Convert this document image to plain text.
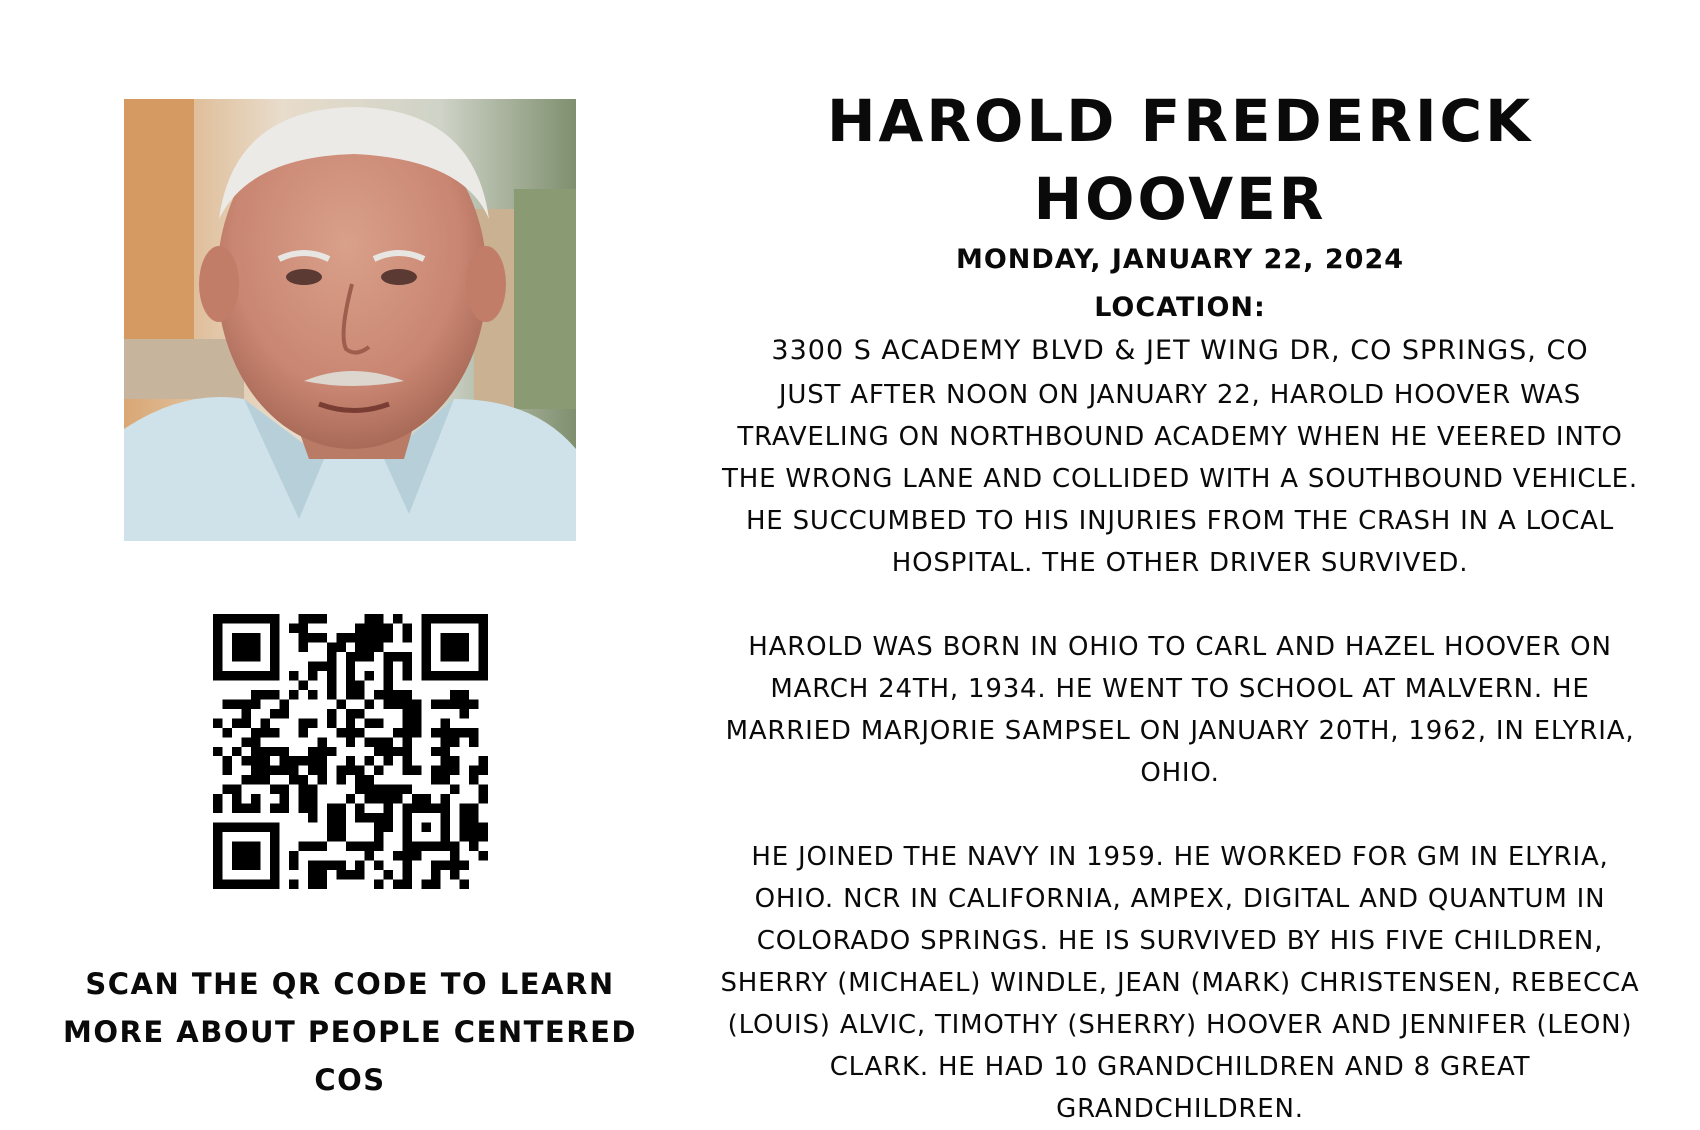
SCAN THE QR CODE TO LEARN MORE ABOUT PEOPLE CENTERED COS

HAROLD FREDERICK HOOVER
MONDAY, JANUARY 22, 2024
LOCATION:
3300 S ACADEMY BLVD & JET WING DR, CO SPRINGS, CO

JUST AFTER NOON ON JANUARY 22, HAROLD HOOVER WAS TRAVELING ON NORTHBOUND ACADEMY WHEN HE VEERED INTO THE WRONG LANE AND COLLIDED WITH A SOUTHBOUND VEHICLE. HE SUCCUMBED TO HIS INJURIES FROM THE CRASH IN A LOCAL HOSPITAL. THE OTHER DRIVER SURVIVED.

HAROLD WAS BORN IN OHIO TO CARL AND HAZEL HOOVER ON MARCH 24TH, 1934. HE WENT TO SCHOOL AT MALVERN. HE MARRIED MARJORIE SAMPSEL ON JANUARY 20TH, 1962, IN ELYRIA, OHIO.

HE JOINED THE NAVY IN 1959. HE WORKED FOR GM IN ELYRIA, OHIO. NCR IN CALIFORNIA, AMPEX, DIGITAL AND QUANTUM IN COLORADO SPRINGS. HE IS SURVIVED BY HIS FIVE CHILDREN, SHERRY (MICHAEL) WINDLE, JEAN (MARK) CHRISTENSEN, REBECCA (LOUIS) ALVIC, TIMOTHY (SHERRY) HOOVER AND JENNIFER (LEON) CLARK. HE HAD 10 GRANDCHILDREN AND 8 GREAT GRANDCHILDREN.
